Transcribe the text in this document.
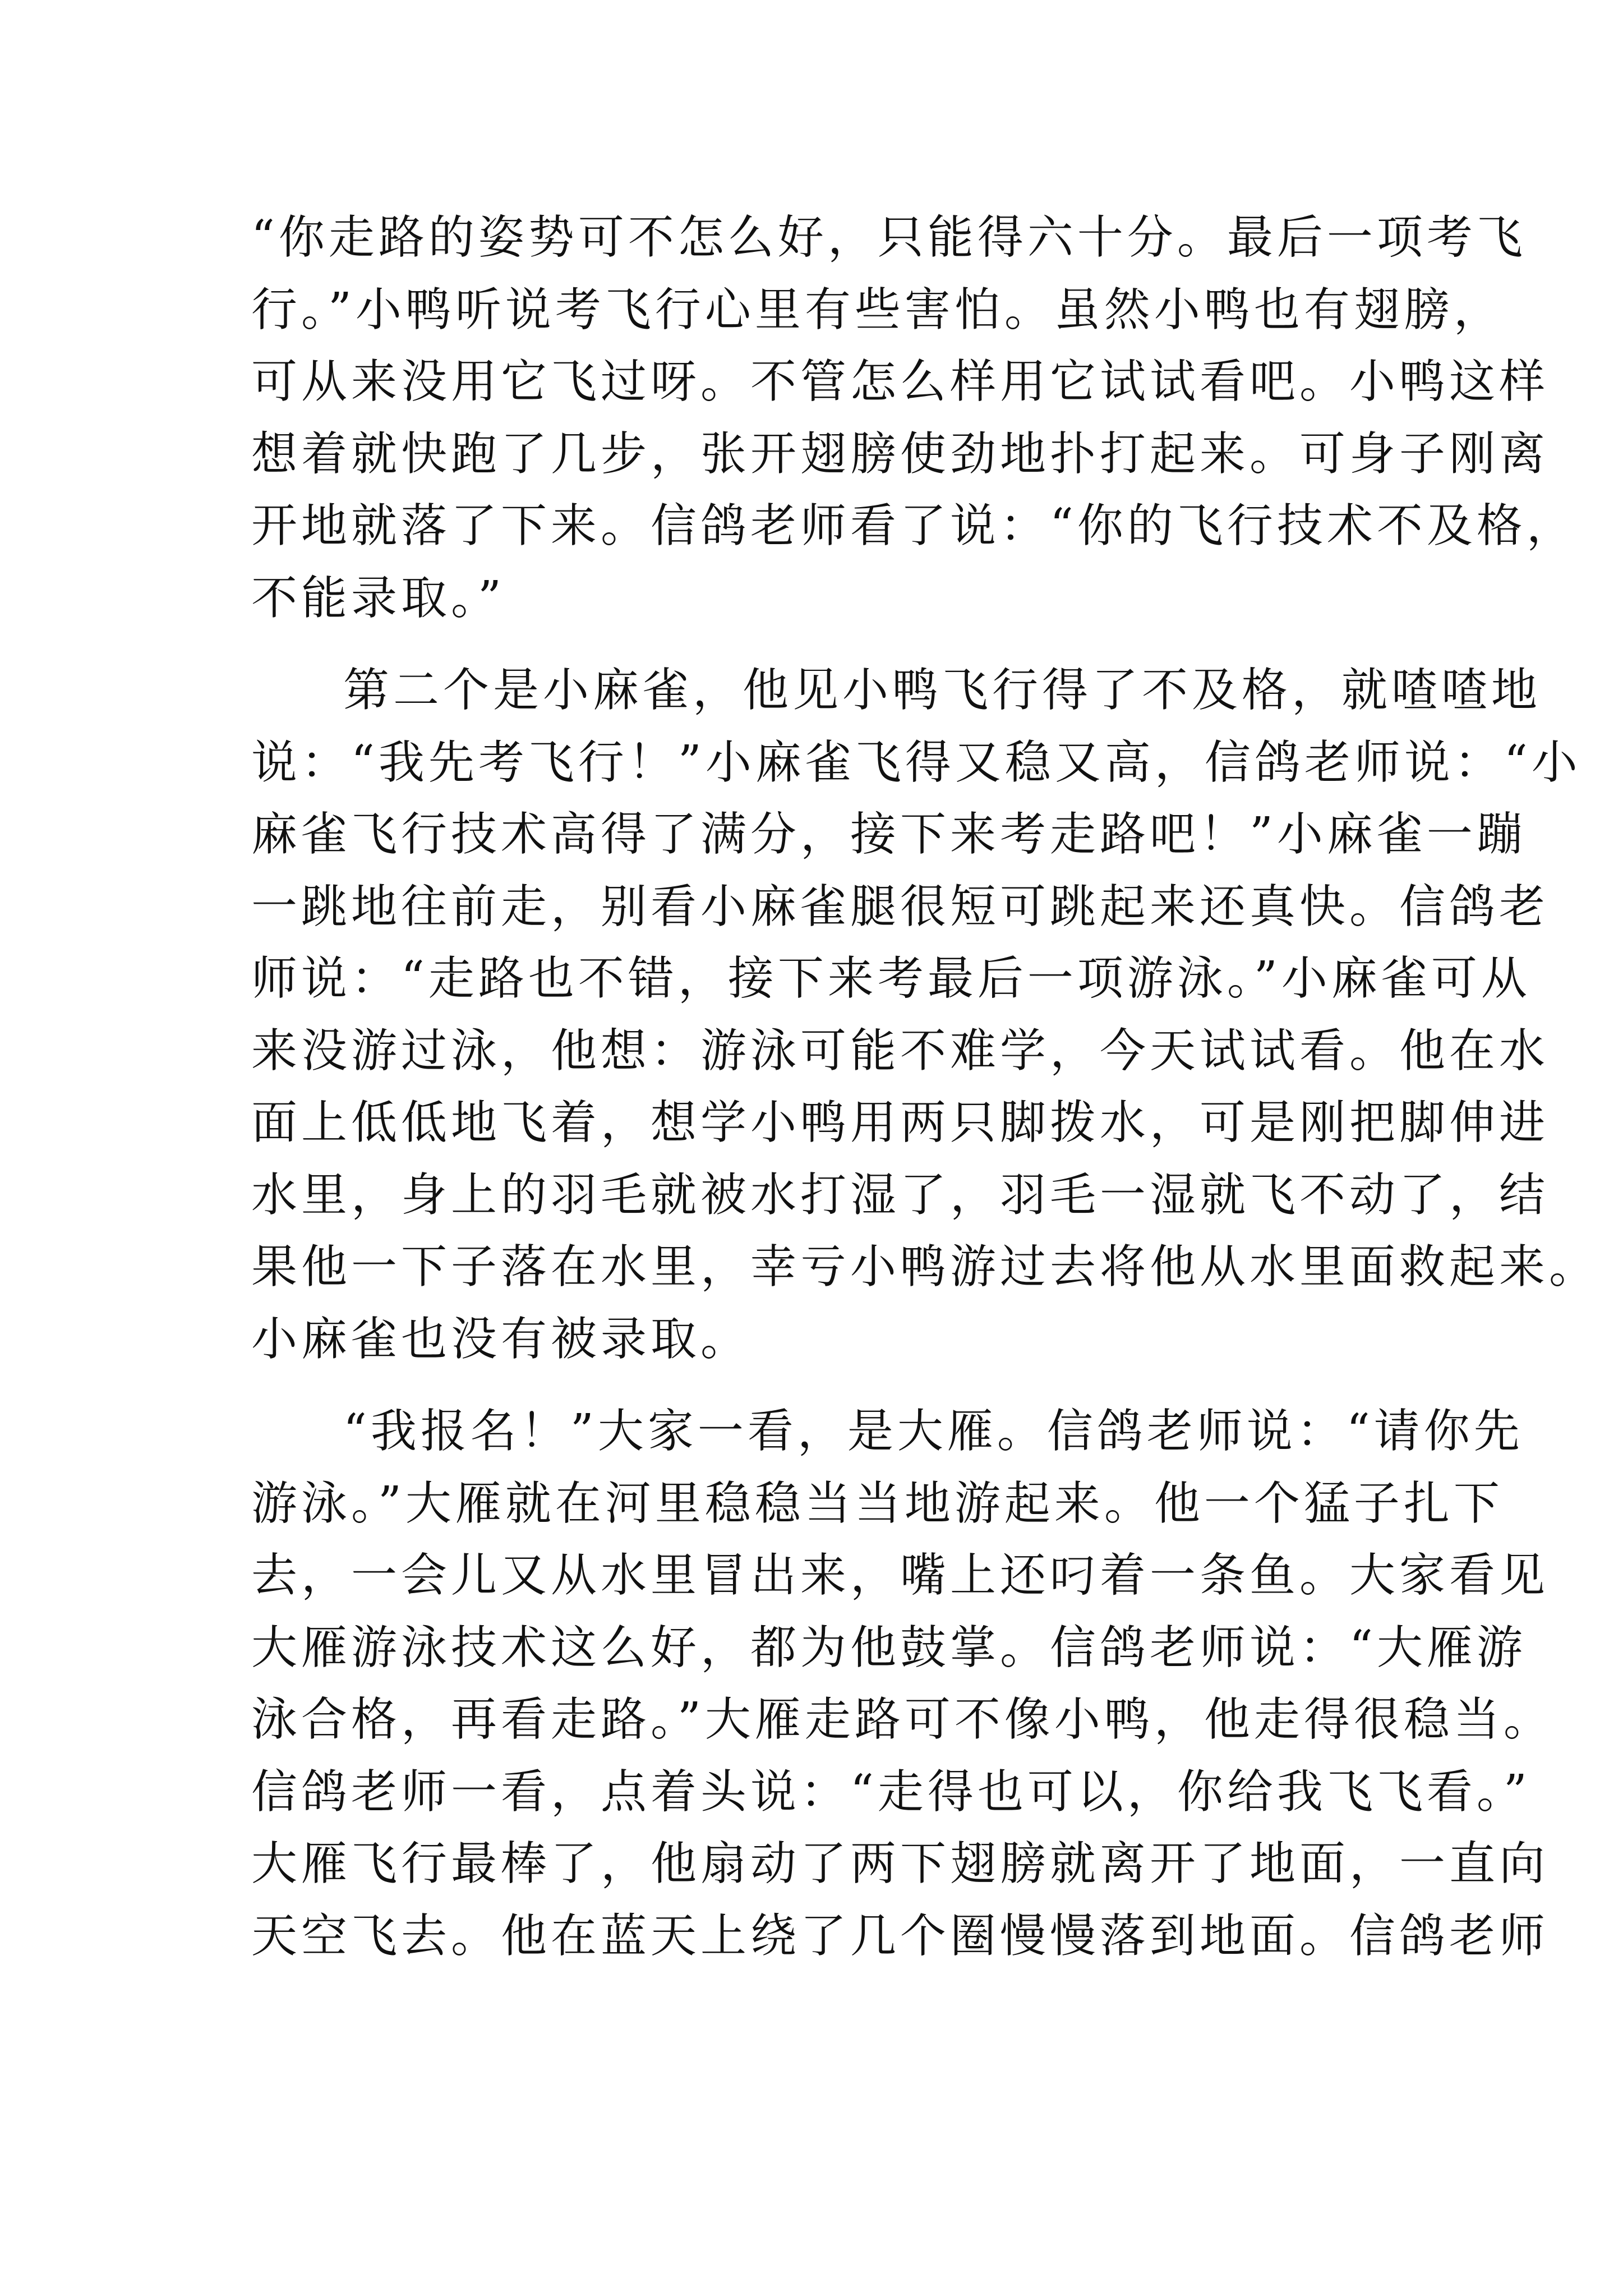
“你走路的姿势可不怎么好，只能得六十分。最后一项考飞
行。”小鸭听说考飞行心里有些害怕。虽然小鸭也有翅膀，
可从来没用它飞过呀。不管怎么样用它试试看吧。小鸭这样
想着就快跑了几步，张开翅膀使劲地扑打起来。可身子刚离
开地就落了下来。信鸽老师看了说：“你的飞行技术不及格，
不能录取。”
第二个是小麻雀，他见小鸭飞行得了不及格，就喳喳地
说：“我先考飞行！”小麻雀飞得又稳又高，信鸽老师说：“小
麻雀飞行技术高得了满分，接下来考走路吧！”小麻雀一蹦
一跳地往前走，别看小麻雀腿很短可跳起来还真快。信鸽老
师说：“走路也不错，接下来考最后一项游泳。”小麻雀可从
来没游过泳，他想：游泳可能不难学，今天试试看。他在水
面上低低地飞着，想学小鸭用两只脚拨水，可是刚把脚伸进
水里，身上的羽毛就被水打湿了，羽毛一湿就飞不动了，结
果他一下子落在水里，幸亏小鸭游过去将他从水里面救起来。
小麻雀也没有被录取。
“我报名！”大家一看，是大雁。信鸽老师说：“请你先
游泳。”大雁就在河里稳稳当当地游起来。他一个猛子扎下
去，一会儿又从水里冒出来，嘴上还叼着一条鱼。大家看见
大雁游泳技术这么好，都为他鼓掌。信鸽老师说：“大雁游
泳合格，再看走路。”大雁走路可不像小鸭，他走得很稳当。
信鸽老师一看，点着头说：“走得也可以，你给我飞飞看。”
大雁飞行最棒了，他扇动了两下翅膀就离开了地面，一直向
天空飞去。他在蓝天上绕了几个圈慢慢落到地面。信鸽老师
